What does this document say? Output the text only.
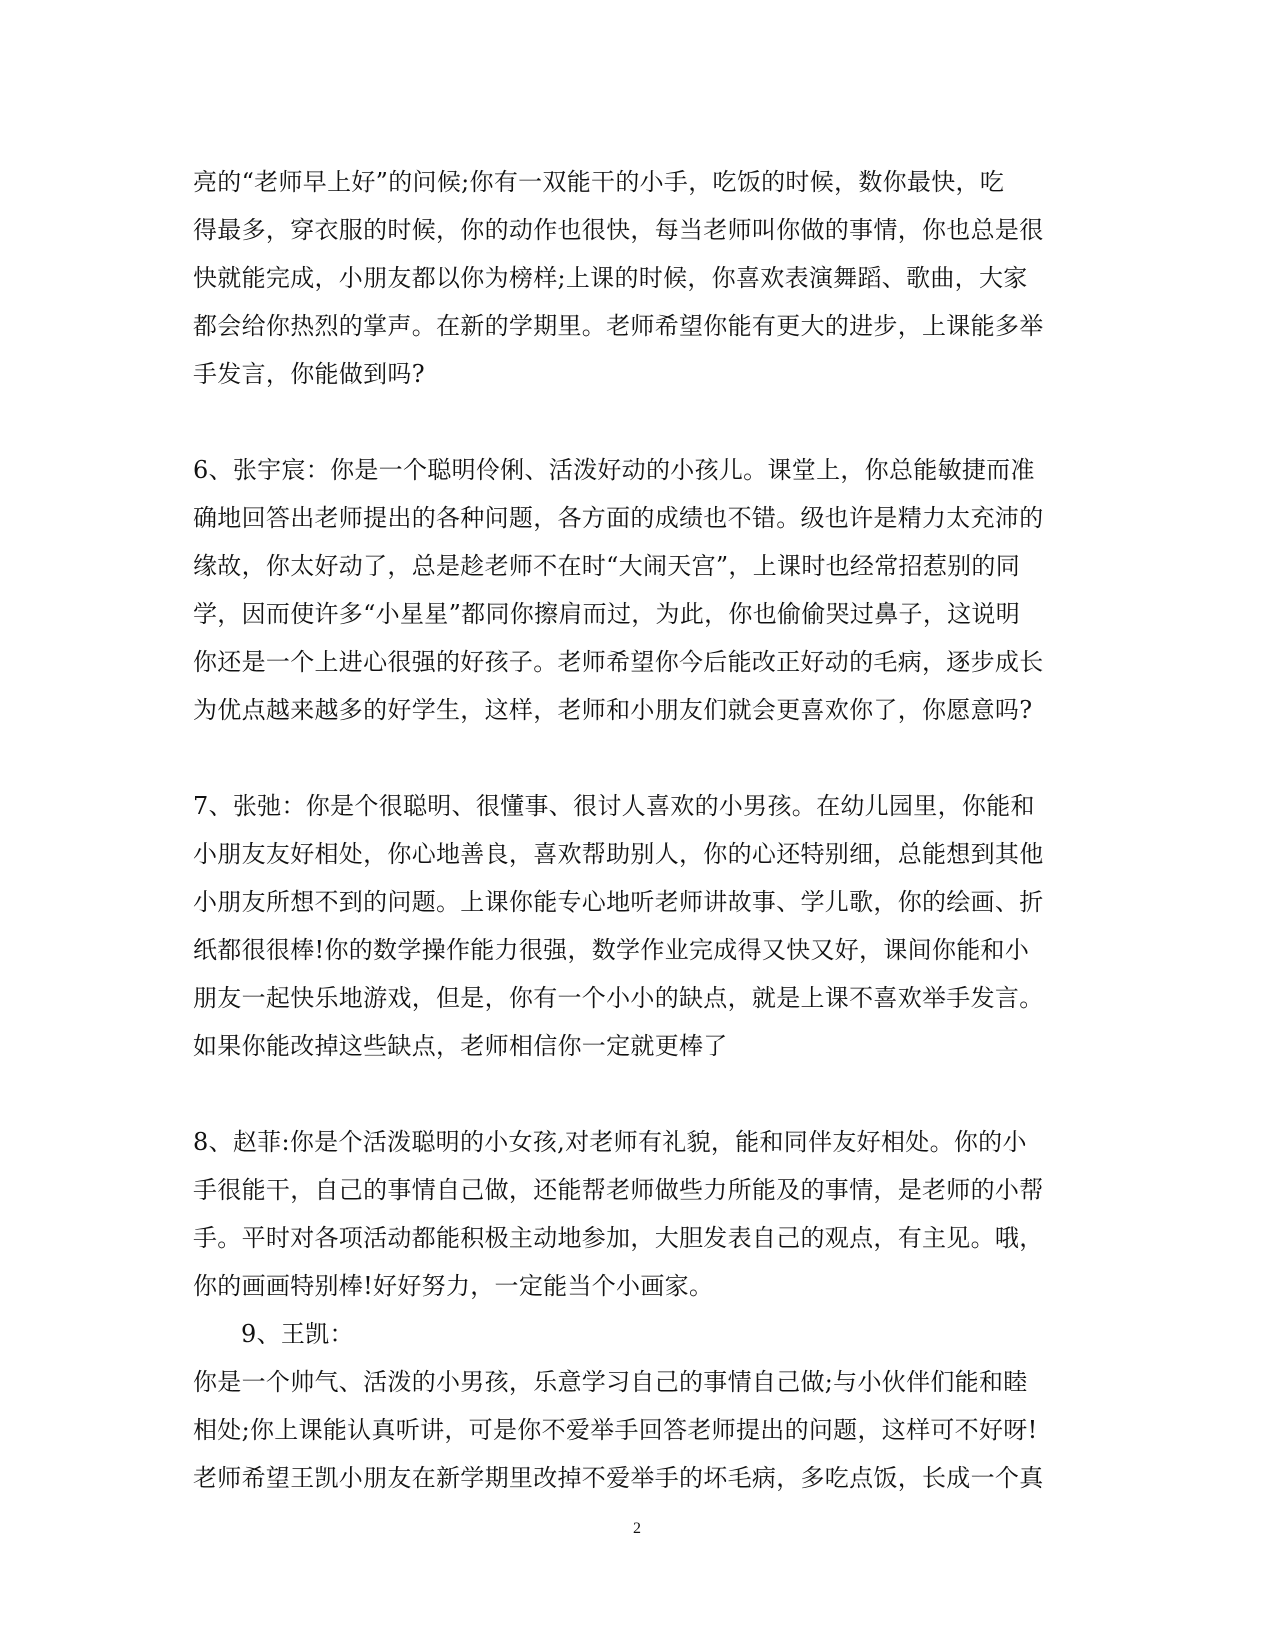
亮的“老师早上好”的问候;你有一双能干的小手，吃饭的时候，数你最快，吃
得最多，穿衣服的时候，你的动作也很快，每当老师叫你做的事情，你也总是很
快就能完成，小朋友都以你为榜样;上课的时候，你喜欢表演舞蹈、歌曲，大家
都会给你热烈的掌声。在新的学期里。老师希望你能有更大的进步，上课能多举
手发言，你能做到吗?
6、张宇宸：你是一个聪明伶俐、活泼好动的小孩儿。课堂上，你总能敏捷而准
确地回答出老师提出的各种问题，各方面的成绩也不错。级也许是精力太充沛的
缘故，你太好动了，总是趁老师不在时“大闹天宫”，上课时也经常招惹别的同
学，因而使许多“小星星”都同你擦肩而过，为此，你也偷偷哭过鼻子，这说明
你还是一个上进心很强的好孩子。老师希望你今后能改正好动的毛病，逐步成长
为优点越来越多的好学生，这样，老师和小朋友们就会更喜欢你了，你愿意吗?
7、张弛：你是个很聪明、很懂事、很讨人喜欢的小男孩。在幼儿园里，你能和
小朋友友好相处，你心地善良，喜欢帮助别人，你的心还特别细，总能想到其他
小朋友所想不到的问题。上课你能专心地听老师讲故事、学儿歌，你的绘画、折
纸都很很棒!你的数学操作能力很强，数学作业完成得又快又好，课间你能和小
朋友一起快乐地游戏，但是，你有一个小小的缺点，就是上课不喜欢举手发言。
如果你能改掉这些缺点，老师相信你一定就更棒了
8、赵菲:你是个活泼聪明的小女孩,对老师有礼貌，能和同伴友好相处。你的小
手很能干，自己的事情自己做，还能帮老师做些力所能及的事情，是老师的小帮
手。平时对各项活动都能积极主动地参加，大胆发表自己的观点，有主见。哦，
你的画画特别棒!好好努力，一定能当个小画家。
9、王凯：
你是一个帅气、活泼的小男孩，乐意学习自己的事情自己做;与小伙伴们能和睦
相处;你上课能认真听讲，可是你不爱举手回答老师提出的问题，这样可不好呀!
老师希望王凯小朋友在新学期里改掉不爱举手的坏毛病，多吃点饭，长成一个真
2
